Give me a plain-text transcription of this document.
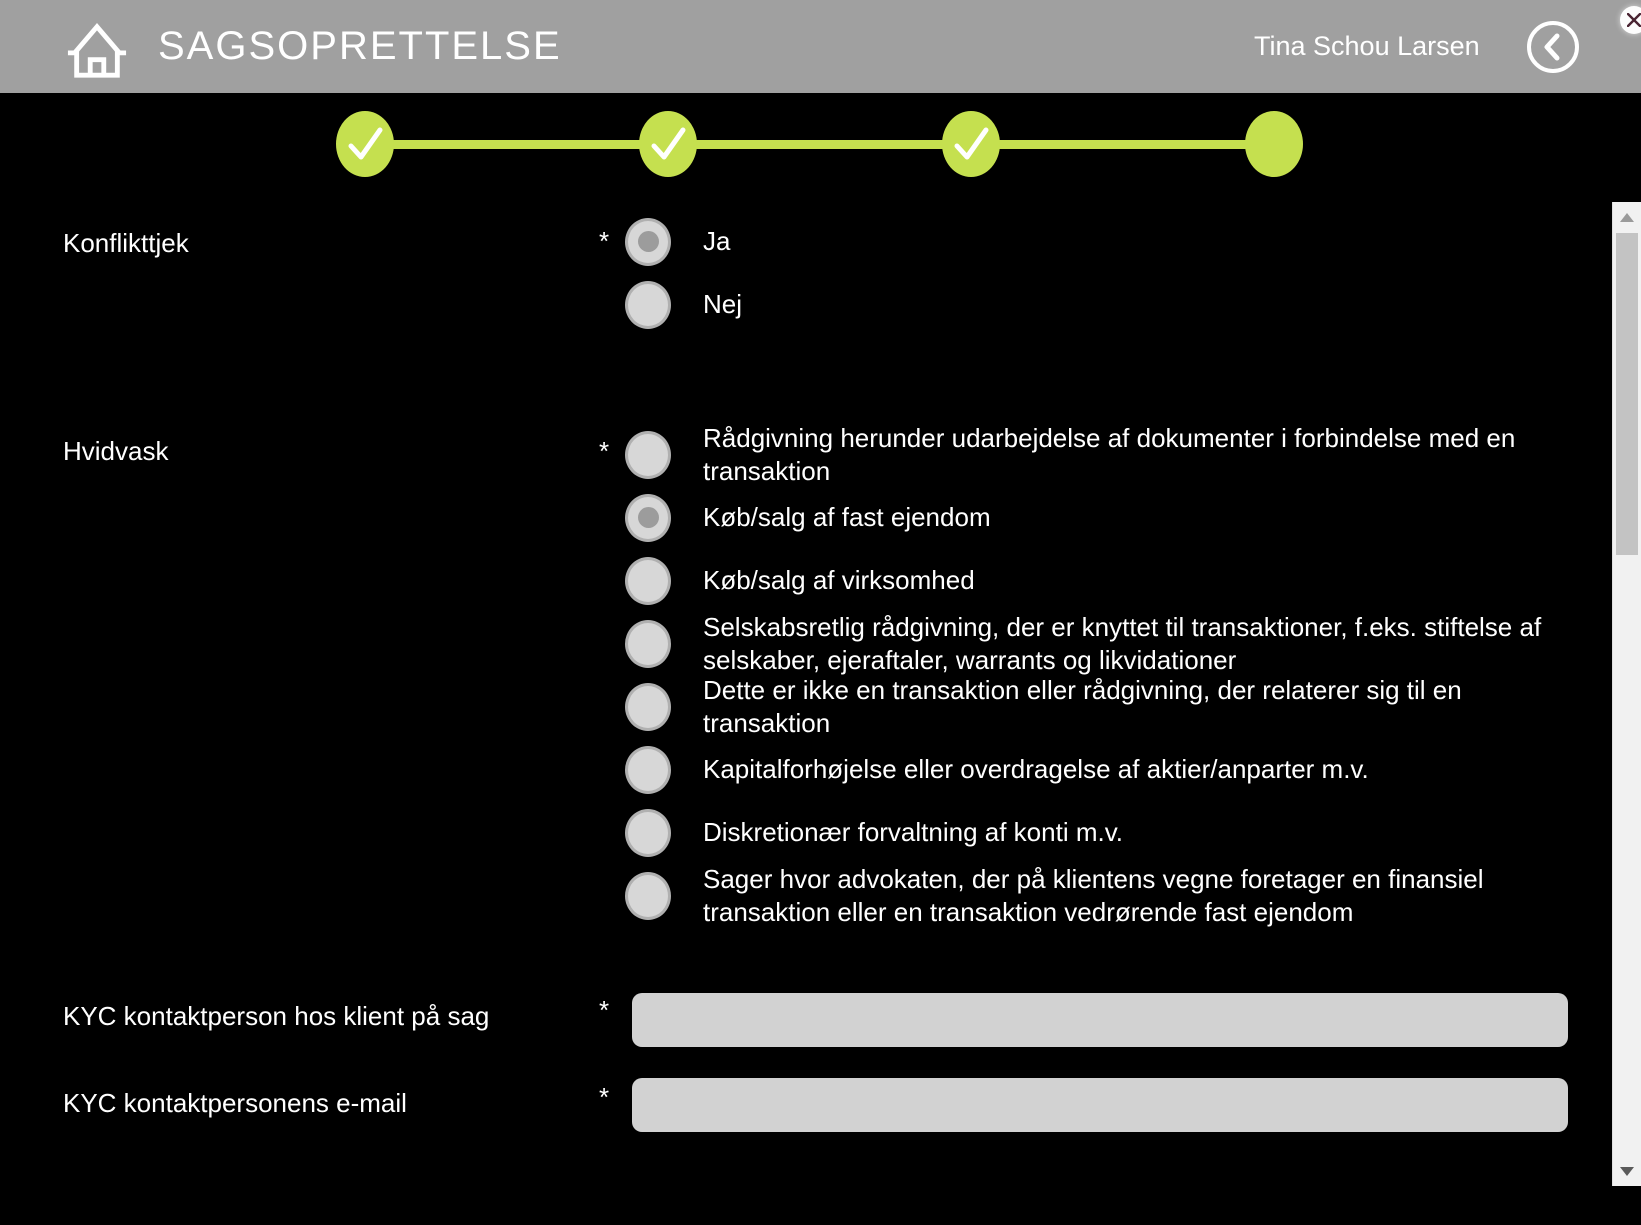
SAGSOPRETTELSE	Tina Schou Larsen
Konflikttjek	*	Ja
Nej
Hvidvask	*	Rådgivning herunder udarbejdelse af dokumenter i forbindelse med en transaktion
Køb/salg af fast ejendom
Køb/salg af virksomhed
Selskabsretlig rådgivning, der er knyttet til transaktioner, f.eks. stiftelse af selskaber, ejeraftaler, warrants og likvidationer
Dette er ikke en transaktion eller rådgivning, der relaterer sig til en transaktion
Kapitalforhøjelse eller overdragelse af aktier/anparter m.v.
Diskretionær forvaltning af konti m.v.
Sager hvor advokaten, der på klientens vegne foretager en finansiel transaktion eller en transaktion vedrørende fast ejendom
KYC kontaktperson hos klient på sag	*
KYC kontaktpersonens e-mail	*
